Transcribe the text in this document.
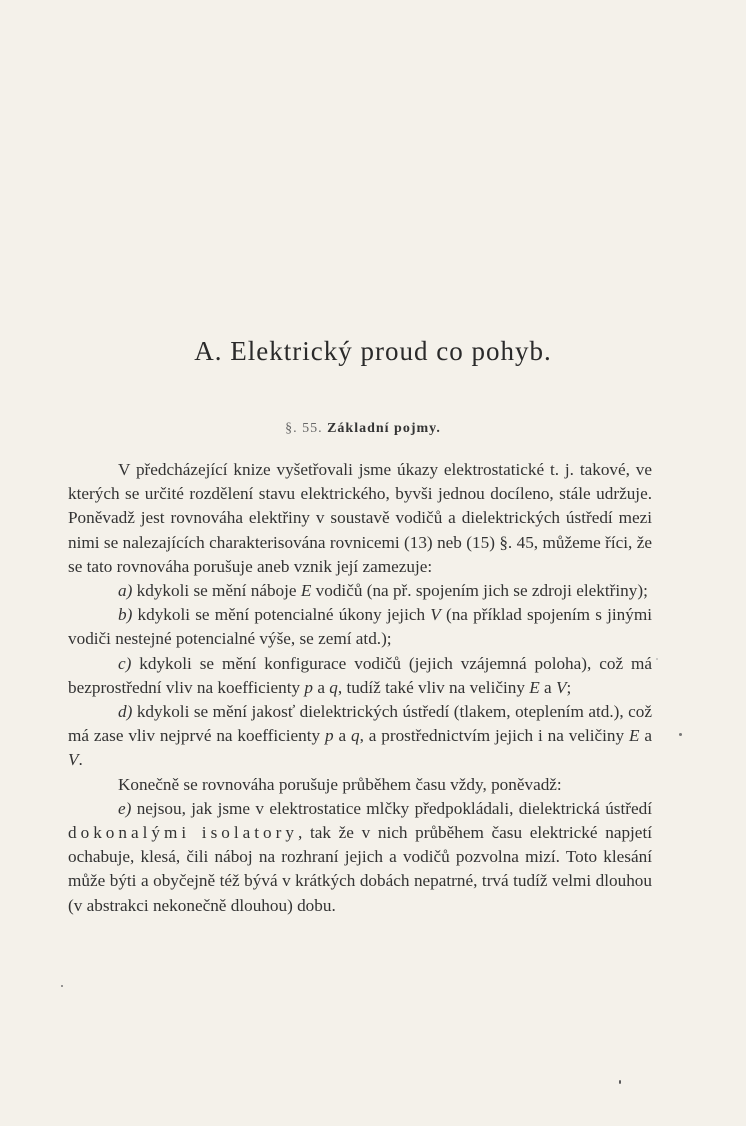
A. Elektrický proud co pohyb.
§. 55. Základní pojmy.

V předcházející knize vyšetřovali jsme úkazy elektrostatické t. j. takové, ve kterých se určité rozdělení stavu elektrického, byvši jednou docíleno, stále udržuje. Poněvadž jest rovnováha elektřiny v soustavě vodičů a dielektrických ústředí mezi nimi se nalezajících charakterisována rovnicemi (13) neb (15) §. 45, můžeme říci, že se tato rovnováha porušuje aneb vznik její zamezuje:

a) kdykoli se mění náboje E vodičů (na př. spojením jich se zdroji elektřiny);

b) kdykoli se mění potencialné úkony jejich V (na příklad spojením s jinými vodiči nestejné potencialné výše, se zemí atd.);

c) kdykoli se mění konfigurace vodičů (jejich vzájemná poloha), což má bezprostřední vliv na koefficienty p a q, tudíž také vliv na veličiny E a V;

d) kdykoli se mění jakosť dielektrických ústředí (tlakem, oteplením atd.), což má zase vliv nejprvé na koefficienty p a q, a prostřednictvím jejich i na veličiny E a V.

Konečně se rovnováha porušuje průběhem času vždy, poněvadž:

e) nejsou, jak jsme v elektrostatice mlčky předpokládali, dielektrická ústředí dokonalými isolatory, tak že v nich průběhem času elektrické napjetí ochabuje, klesá, čili náboj na rozhraní jejich a vodičů pozvolna mizí. Toto klesání může býti a obyčejně též bývá v krátkých dobách nepatrné, trvá tudíž velmi dlouhou (v abstrakci nekonečně dlouhou) dobu.
